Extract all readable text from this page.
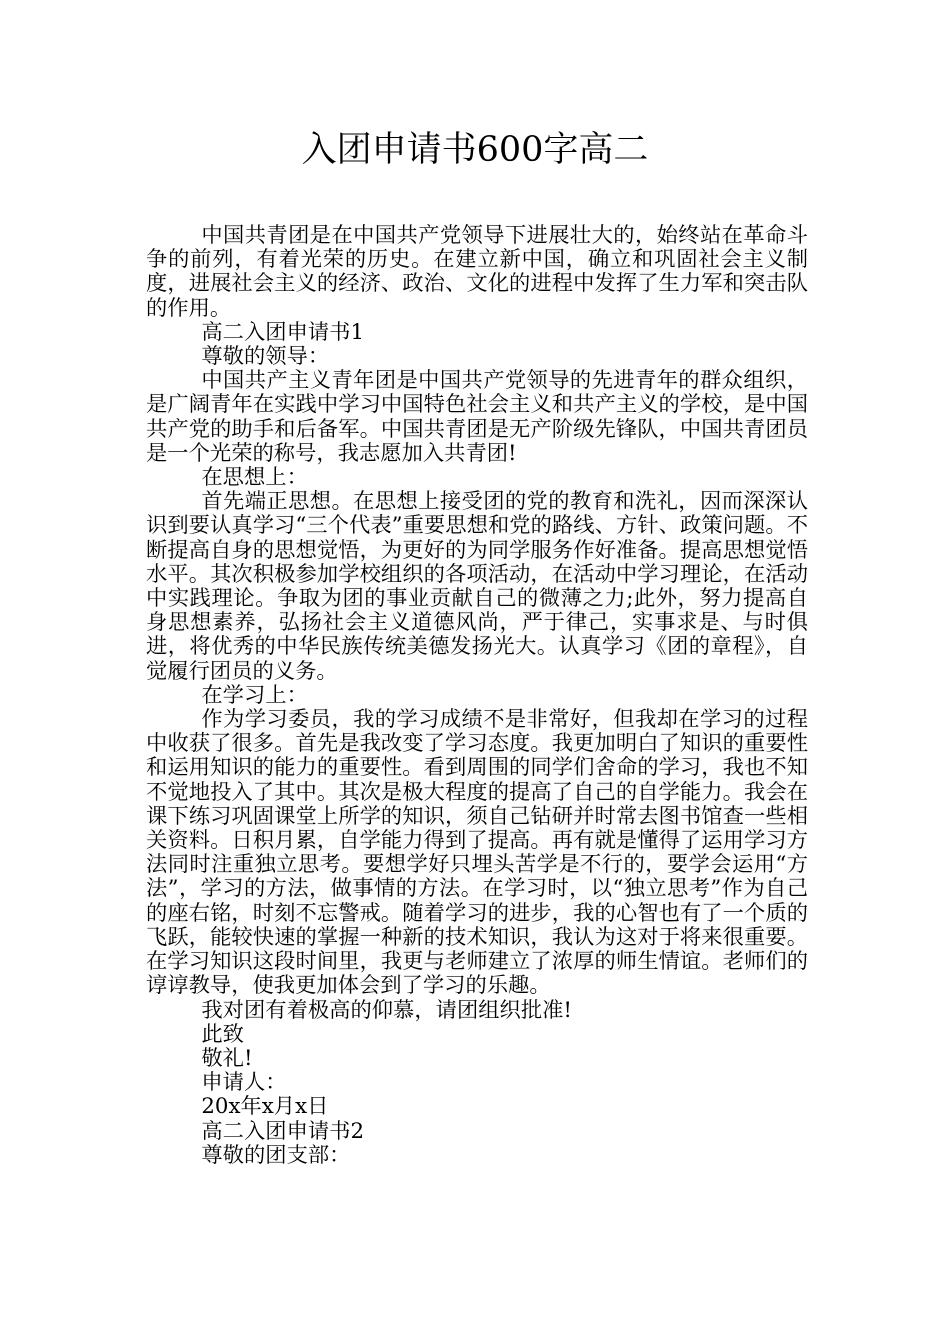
入团申请书600字高二

中国共青团是在中国共产党领导下进展壮大的，始终站在革命斗争的前列，有着光荣的历史。在建立新中国，确立和巩固社会主义制度，进展社会主义的经济、政治、文化的进程中发挥了生力军和突击队的作用。

高二入团申请书1

尊敬的领导：

中国共产主义青年团是中国共产党领导的先进青年的群众组织，是广阔青年在实践中学习中国特色社会主义和共产主义的学校，是中国共产党的助手和后备军。中国共青团是无产阶级先锋队，中国共青团员是一个光荣的称号，我志愿加入共青团!

在思想上：

首先端正思想。在思想上接受团的党的教育和洗礼，因而深深认识到要认真学习“三个代表”重要思想和党的路线、方针、政策问题。不断提高自身的思想觉悟，为更好的为同学服务作好准备。提高思想觉悟水平。其次积极参加学校组织的各项活动，在活动中学习理论，在活动中实践理论。争取为团的事业贡献自己的微薄之力;此外，努力提高自身思想素养，弘扬社会主义道德风尚，严于律己，实事求是、与时俱进，将优秀的中华民族传统美德发扬光大。认真学习《团的章程》，自觉履行团员的义务。

在学习上：

作为学习委员，我的学习成绩不是非常好，但我却在学习的过程中收获了很多。首先是我改变了学习态度。我更加明白了知识的重要性和运用知识的能力的重要性。看到周围的同学们舍命的学习，我也不知不觉地投入了其中。其次是极大程度的提高了自己的自学能力。我会在课下练习巩固课堂上所学的知识，须自己钻研并时常去图书馆查一些相关资料。日积月累，自学能力得到了提高。再有就是懂得了运用学习方法同时注重独立思考。要想学好只埋头苦学是不行的，要学会运用“方法”，学习的方法，做事情的方法。在学习时，以“独立思考”作为自己的座右铭，时刻不忘警戒。随着学习的进步，我的心智也有了一个质的飞跃，能较快速的掌握一种新的技术知识，我认为这对于将来很重要。在学习知识这段时间里，我更与老师建立了浓厚的师生情谊。老师们的谆谆教导，使我更加体会到了学习的乐趣。

我对团有着极高的仰慕，请团组织批准!

此致

敬礼!

申请人：

20x年x月x日

高二入团申请书2

尊敬的团支部：
